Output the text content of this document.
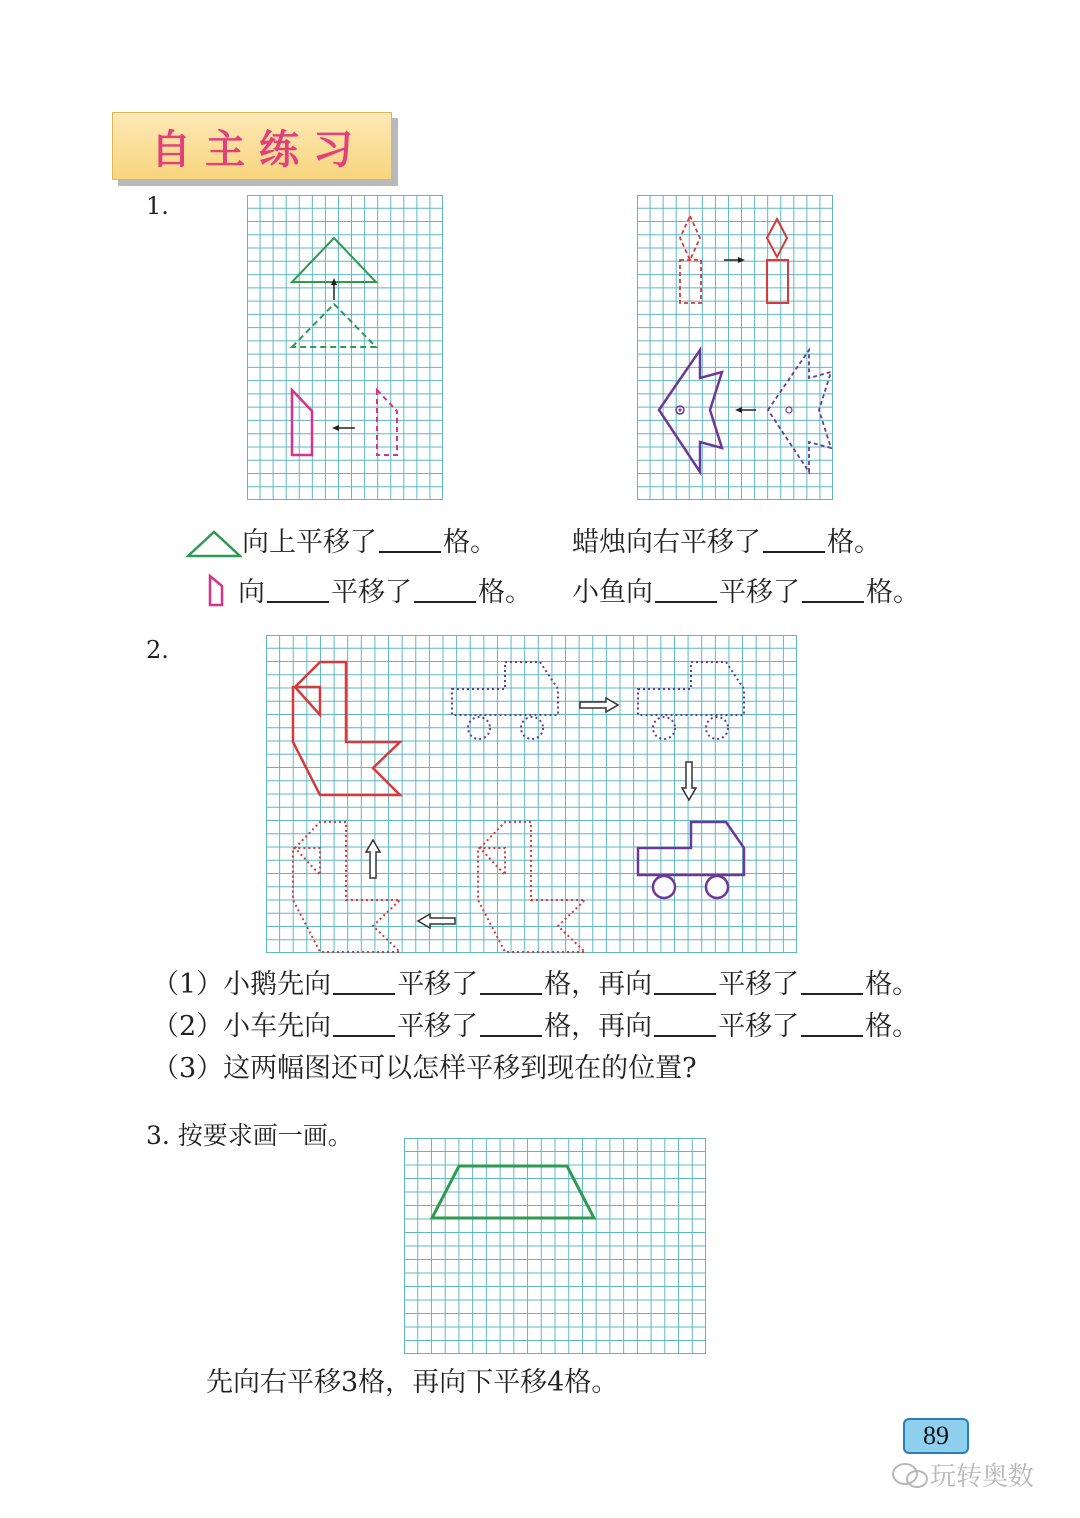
自主练习
1.
向上平移了 格。	蜡烛向右平移了 格。
向 平移了 格。 小鱼向 平移了 格。
2.
（1）小鹅先向 平移了 格，再向 平移了 格。
（2）小车先向 平移了 格，再向 平移了 格。
（3）这两幅图还可以怎样平移到现在的位置?
3. 按要求画一画。
先向右平移3格，再向下平移4格。
89
玩转奥数
